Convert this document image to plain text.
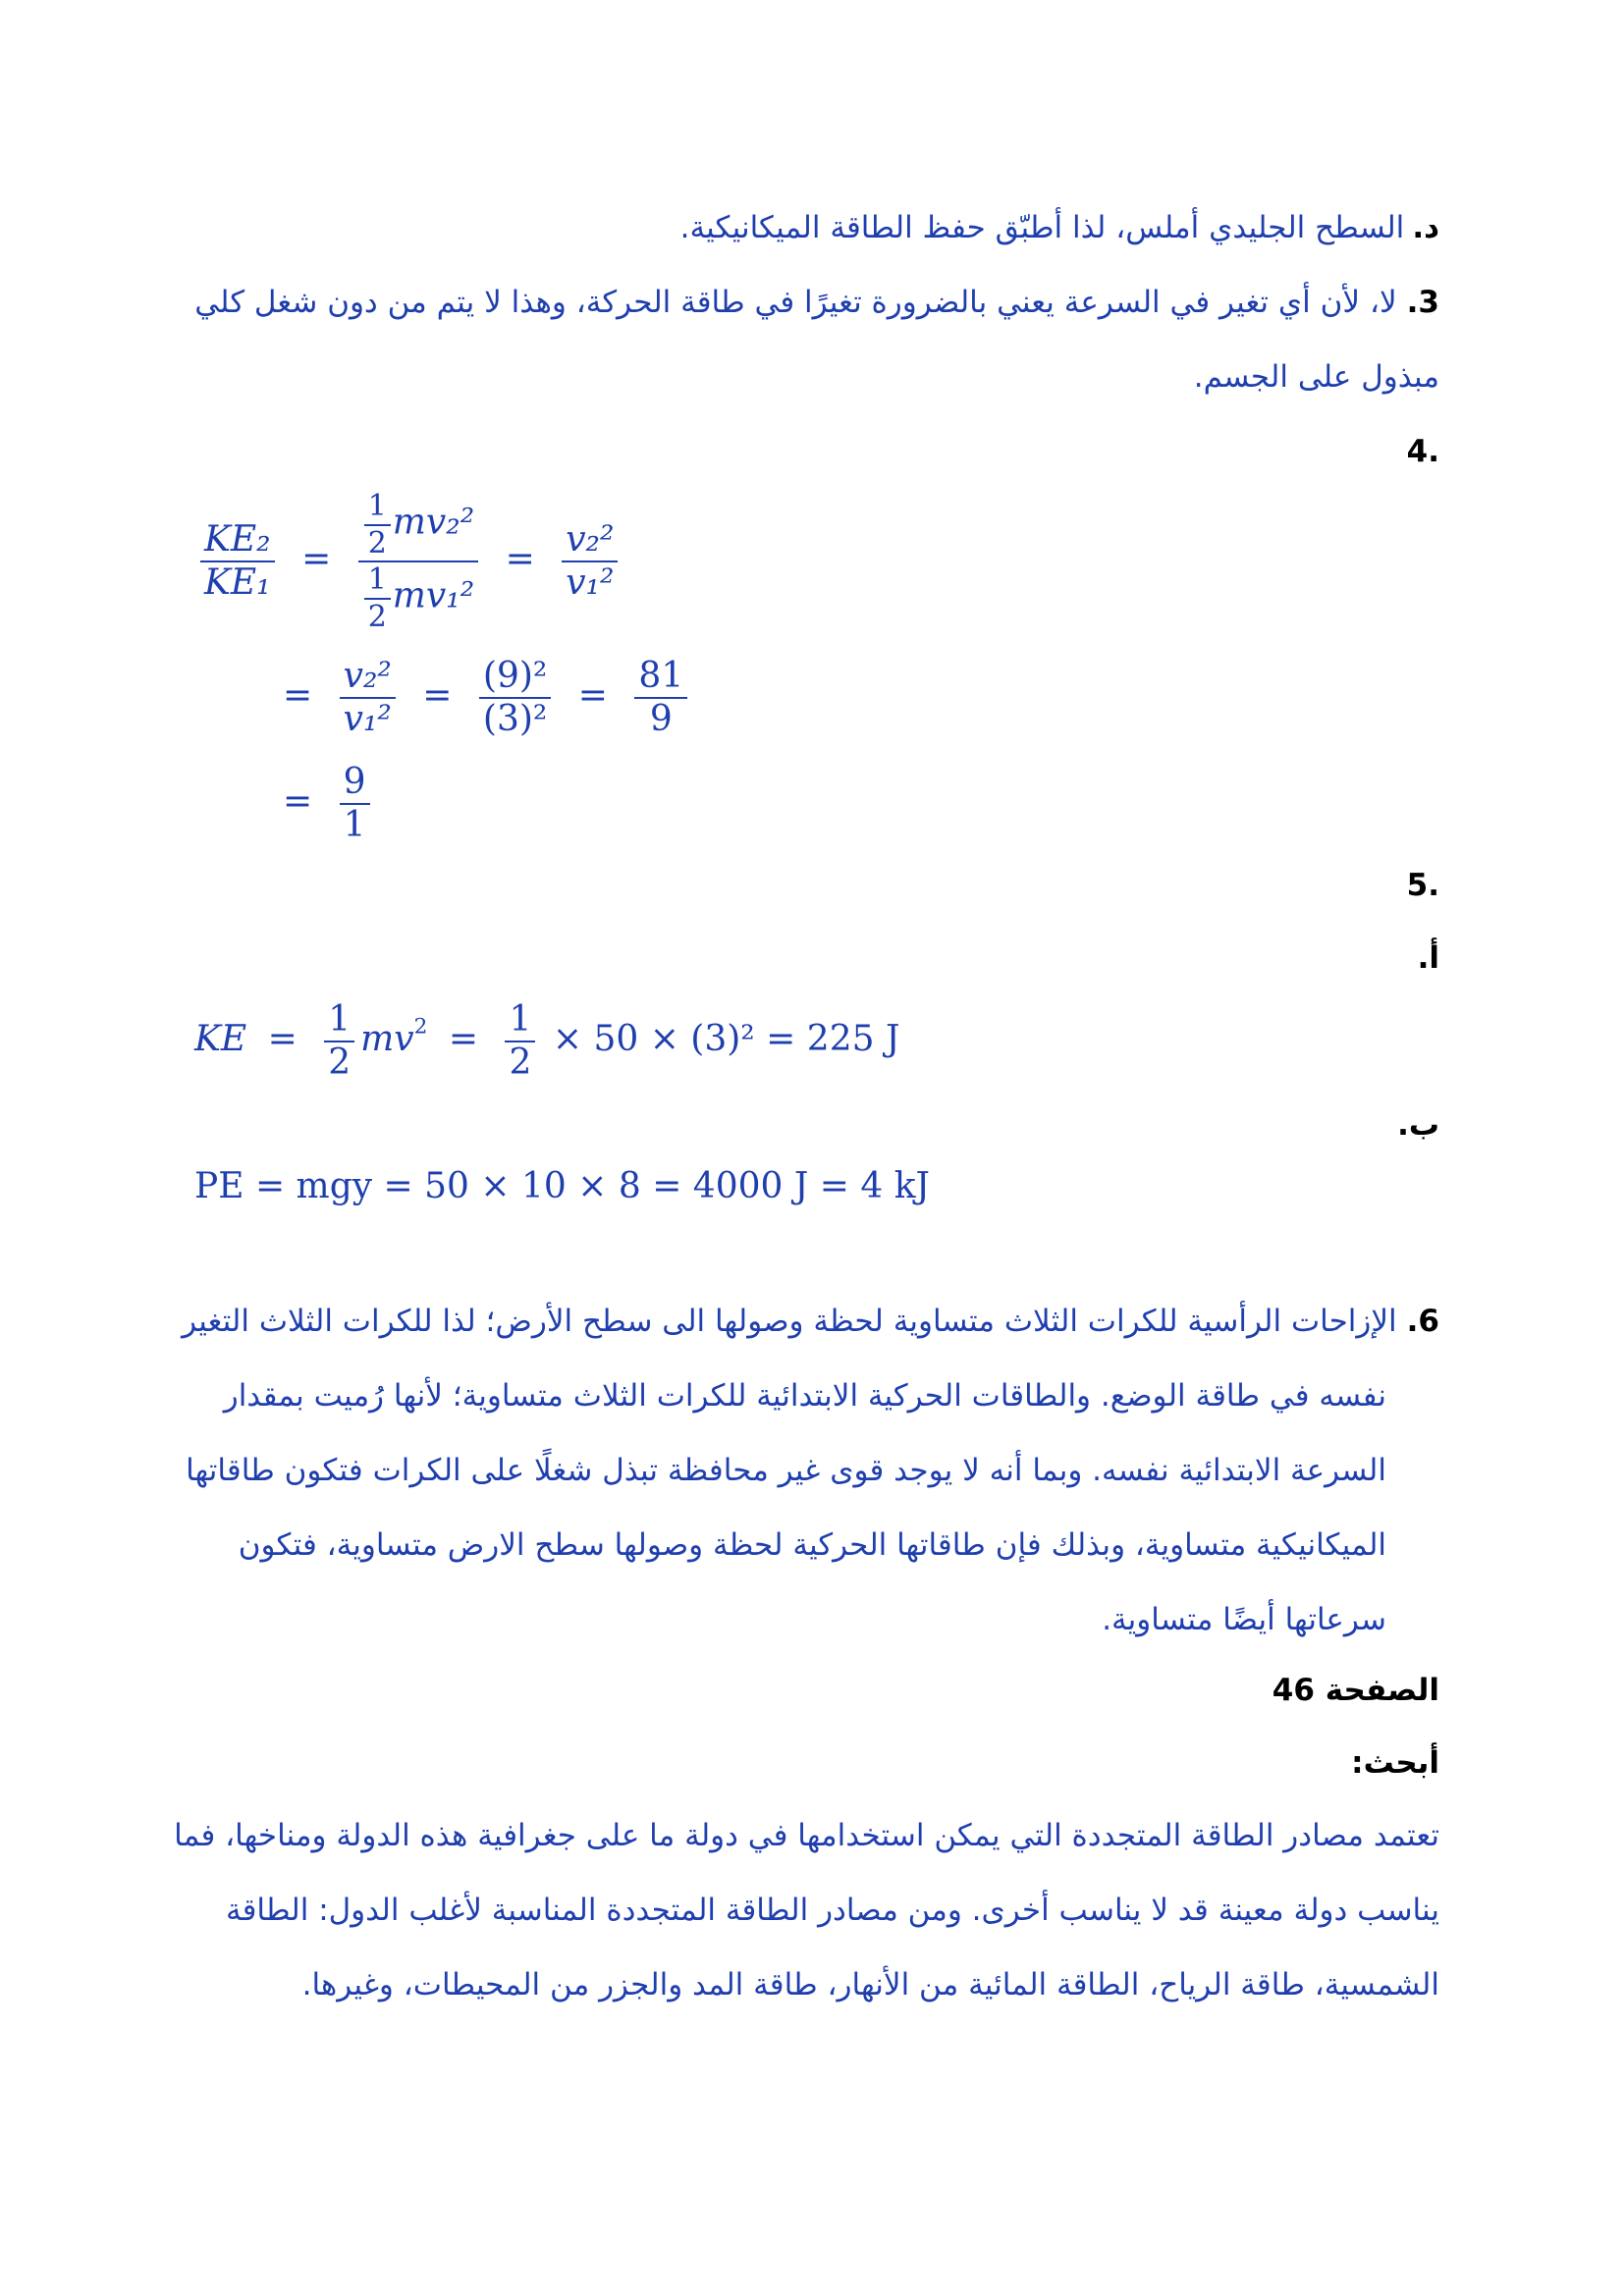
د.السطح الجليدي أملس، لذا أطبّق حفظ الطاقة الميكانيكية.
3.لا، لأن أي تغير في السرعة يعني بالضرورة تغيرًا في طاقة الحركة، وهذا لا يتم من دون شغل كلي
مبذول على الجسم.
.4
$\frac{\text{KE₂}}{\text{KE₁}} = \frac{\frac{1}{2} mv_2^2}{\frac{1}{2} mv_1^2} = \frac{\text{v₂²}}{\text{v₁²}}$
= $\frac{\text{v₂²}}{\text{v₁²}} = \frac{\text{(9)²}}{\text{(3)²}} = \frac{81}{9}$
= $\frac{9}{1}$
.5
أ.
KE = $\frac{1}{2} mv^2 = \frac{1}{2} \times 50 \times (3)^2 = 225$ J
ب.
PE = mgy = 50 × 10 × 8 = 4000 J = 4 kJ
6.الإزاحات الرأسية للكرات الثلاث متساوية لحظة وصولها الى سطح الأرض؛ لذا للكرات الثلاث التغير
نفسه في طاقة الوضع. والطاقات الحركية الابتدائية للكرات الثلاث متساوية؛ لأنها رُميت بمقدار
السرعة الابتدائية نفسه. وبما أنه لا يوجد قوى غير محافظة تبذل شغلًا على الكرات فتكون طاقاتها
الميكانيكية متساوية، وبذلك فإن طاقاتها الحركية لحظة وصولها سطح الارض متساوية، فتكون
سرعاتها أيضًا متساوية.
الصفحة 46
أبحث:
تعتمد مصادر الطاقة المتجددة التي يمكن استخدامها في دولة ما على جغرافية هذه الدولة ومناخها، فما
يناسب دولة معينة قد لا يناسب أخرى. ومن مصادر الطاقة المتجددة المناسبة لأغلب الدول: الطاقة
الشمسية، طاقة الرياح، الطاقة المائية من الأنهار، طاقة المد والجزر من المحيطات، وغيرها.
